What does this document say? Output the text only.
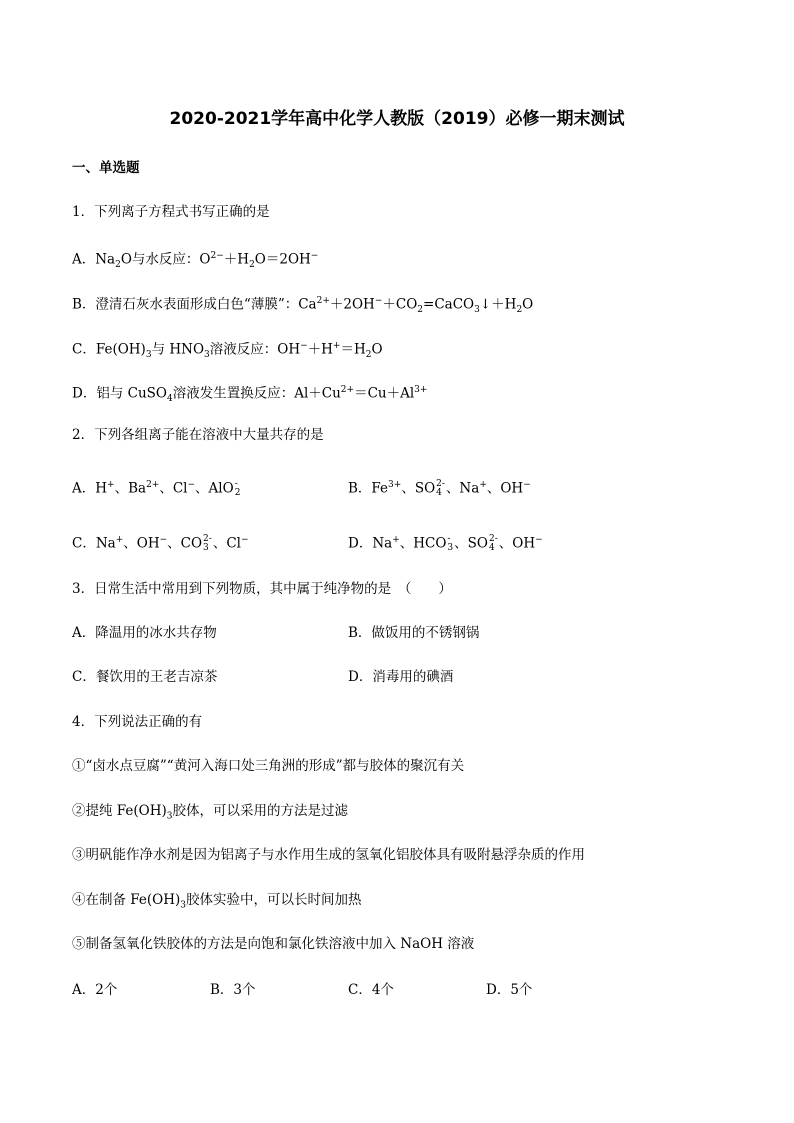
2020-2021学年高中化学人教版（2019）必修一期末测试
一、单选题
1．下列离子方程式书写正确的是
A．$Na_2O$与水反应：$O^{2-}+H_2O=2OH^-$
B．澄清石灰水表面形成白色“薄膜”：$Ca^{2+}+2OH^-+CO_2=CaCO_3↓+H_2O$
C．$Fe(OH)_3$与 $HNO_3$溶液反应：$OH^-+H^+=H_2O$
D．铝与 CuSO$_4$溶液发生置换反应：$Al+Cu^{2+}=Cu+Al^{3+}$
2．下列各组离子能在溶液中大量共存的是
A．H+、$Ba^{2+}$、Cl−、AlO -
2	B．$Fe^{3+}$、SO 2-
4 、Na+、OH−
C．Na+、OH−、CO 2-
3 、Cl−	D．Na+、HCO -
3 、SO 2-
4 、OH−
3．日常生活中常用到下列物质，其中属于纯净物的是　（　　）
A．降温用的冰水共存物	B．做饭用的不锈钢锅
C．餐饮用的王老吉凉茶	D．消毒用的碘酒
4．下列说法正确的有
①“卤水点豆腐”“黄河入海口处三角洲的形成”都与胶体的聚沉有关
②提纯 $Fe(OH)_3$胶体，可以采用的方法是过滤
③明矾能作净水剂是因为铝离子与水作用生成的氢氧化铝胶体具有吸附悬浮杂质的作用
④在制备 $Fe(OH)_3$胶体实验中，可以长时间加热
⑤制备氢氧化铁胶体的方法是向饱和氯化铁溶液中加入 NaOH 溶液
A．2个	B．3个	C．4个	D．5个
